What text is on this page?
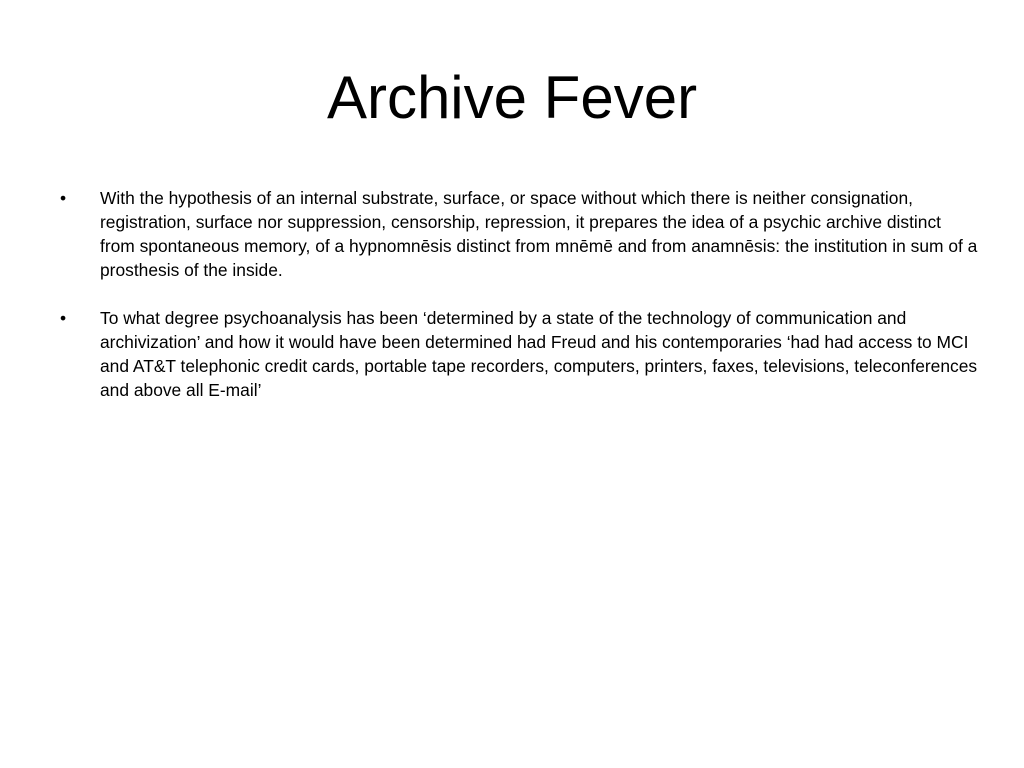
Archive Fever
•	With the hypothesis of an internal substrate, surface, or space without which there is neither consignation, registration, surface nor suppression, censorship, repression, it prepares the idea of a psychic archive distinct from spontaneous memory, of a hypnomnēsis distinct from mnēmē and from anamnēsis: the institution in sum of a prosthesis of the inside.
•	To what degree psychoanalysis has been ‘determined by a state of the technology of communication and archivization’ and how it would have been determined had Freud and his contemporaries ‘had had access to MCI and AT&T telephonic credit cards, portable tape recorders, computers, printers, faxes, televisions, teleconferences and above all E-mail’
